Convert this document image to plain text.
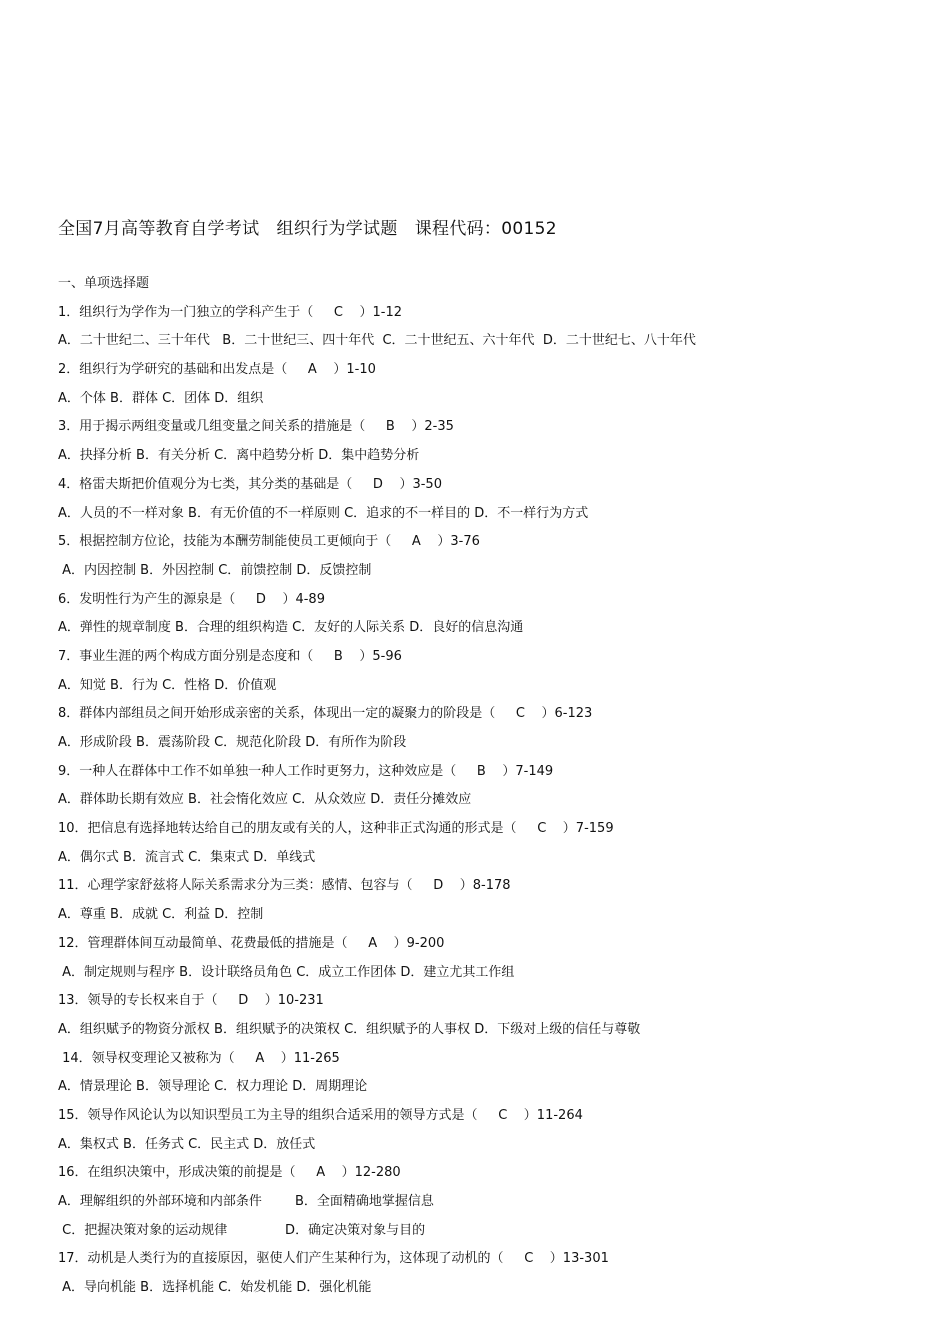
全国7月高等教育自学考试   组织行为学试题   课程代码：00152
一、单项选择题
1．组织行为学作为一门独立的学科产生于（     C    ）1-12
A．二十世纪二、三十年代   B．二十世纪三、四十年代  C．二十世纪五、六十年代  D．二十世纪七、八十年代
2．组织行为学研究的基础和出发点是（     A    ）1-10
A．个体 B．群体 C．团体 D．组织
3．用于揭示两组变量或几组变量之间关系的措施是（     B    ）2-35
A．抉择分析 B．有关分析 C．离中趋势分析 D．集中趋势分析
4．格雷夫斯把价值观分为七类，其分类的基础是（     D    ）3-50
A．人员的不一样对象 B．有无价值的不一样原则 C．追求的不一样目的 D．不一样行为方式
5．根据控制方位论，技能为本酬劳制能使员工更倾向于（     A    ）3-76
A．内因控制 B．外因控制 C．前馈控制 D．反馈控制
6．发明性行为产生的源泉是（     D    ）4-89
A．弹性的规章制度 B．合理的组织构造 C．友好的人际关系 D．良好的信息沟通
7．事业生涯的两个构成方面分别是态度和（     B    ）5-96
A．知觉 B．行为 C．性格 D．价值观
8．群体内部组员之间开始形成亲密的关系，体现出一定的凝聚力的阶段是（     C    ）6-123
A．形成阶段 B．震荡阶段 C．规范化阶段 D．有所作为阶段
9．一种人在群体中工作不如单独一种人工作时更努力，这种效应是（     B    ）7-149
A．群体助长期有效应 B．社会惰化效应 C．从众效应 D．责任分摊效应
10．把信息有选择地转达给自己的朋友或有关的人，这种非正式沟通的形式是（     C    ）7-159
A．偶尔式 B．流言式 C．集束式 D．单线式
11．心理学家舒兹将人际关系需求分为三类：感情、包容与（     D    ）8-178
A．尊重 B．成就 C．利益 D．控制
12．管理群体间互动最简单、花费最低的措施是（     A    ）9-200
A．制定规则与程序 B．设计联络员角色 C．成立工作团体 D．建立尤其工作组
13．领导的专长权来自于（     D    ）10-231
A．组织赋予的物资分派权 B．组织赋予的决策权 C．组织赋予的人事权 D．下级对上级的信任与尊敬
14．领导权变理论又被称为（     A    ）11-265
A．情景理论 B．领导理论 C．权力理论 D．周期理论
15．领导作风论认为以知识型员工为主导的组织合适采用的领导方式是（     C    ）11-264
A．集权式 B．任务式 C．民主式 D．放任式
16．在组织决策中，形成决策的前提是（     A    ）12-280
A．理解组织的外部环境和内部条件        B．全面精确地掌握信息
C．把握决策对象的运动规律              D．确定决策对象与目的
17．动机是人类行为的直接原因，驱使人们产生某种行为，这体现了动机的（     C    ）13-301
A．导向机能 B．选择机能 C．始发机能 D．强化机能
